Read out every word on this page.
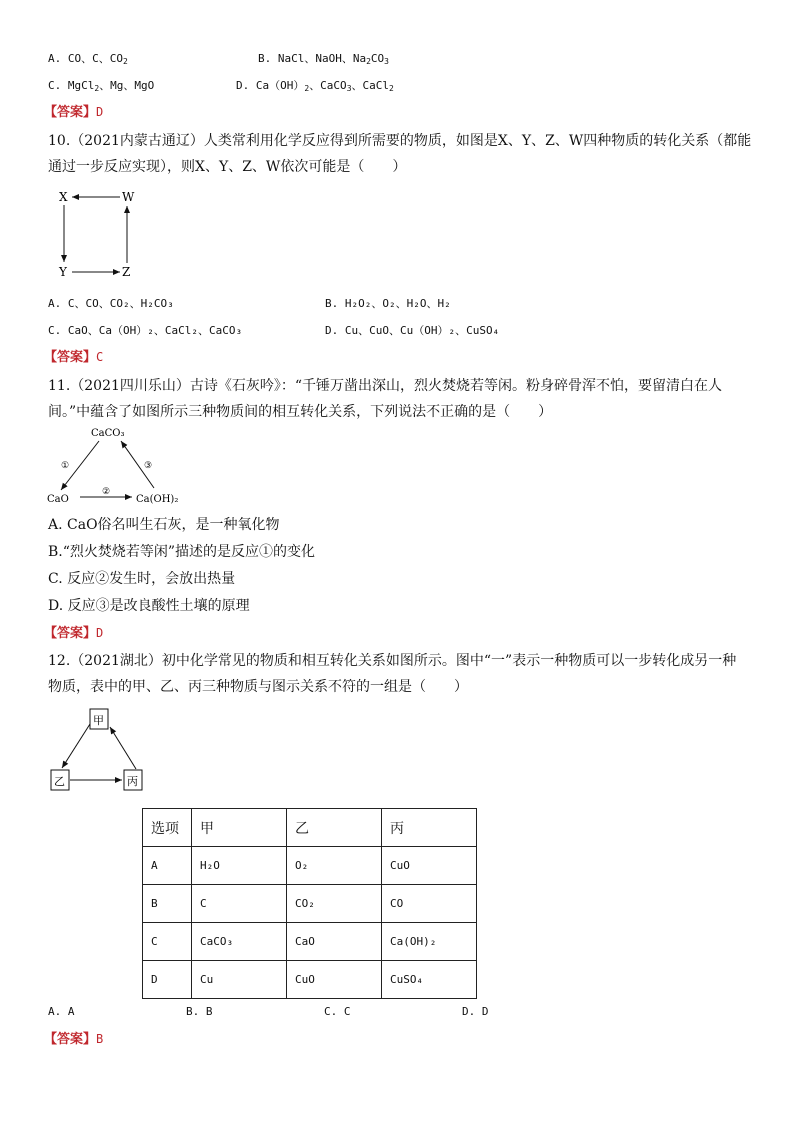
A. CO、C、$CO_2$	B. NaCl、NaOH、$Na_2CO_3$
C. MgCl$_2$、Mg、MgO	D. $Ca(OH)_2$、CaCO$_3$、CaCl$_2$
【答案】D
10.（2021内蒙古通辽）人类常利用化学反应得到所需要的物质，如图是X、Y、Z、W四种物质的转化关系（都能
通过一步反应实现），则X、Y、Z、W依次可能是（　　）
X	W
Y	Z
A. C、CO、CO₂、H₂CO₃	B. H₂O₂、O₂、H₂O、H₂
C. CaO、Ca（OH）₂、CaCl₂、CaCO₃	D. Cu、CuO、Cu（OH）₂、CuSO₄
【答案】C
11.（2021四川乐山）古诗《石灰吟》：“千锤万凿出深山，烈火焚烧若等闲。粉身碎骨浑不怕，要留清白在人
间。”中蕴含了如图所示三种物质间的相互转化关系，下列说法不正确的是（　　）
CaCO₃
CaO	Ca(OH)₂
①
②
③
A. CaO俗名叫生石灰，是一种氧化物
B.“烈火焚烧若等闲”描述的是反应①的变化
C. 反应②发生时，会放出热量
D. 反应③是改良酸性土壤的原理
【答案】D
12.（2021湖北）初中化学常见的物质和相互转化关系如图所示。图中“一”表示一种物质可以一步转化成另一种
物质，表中的甲、乙、丙三种物质与图示关系不符的一组是（　　）
甲
乙	丙
选项	甲	乙	丙
A	H₂O	O₂	CuO
B	C	CO₂	CO
C	CaCO₃	CaO	Ca(OH)₂
D	Cu	CuO	CuSO₄
A. A	B. B	C. C	D. D
【答案】B
